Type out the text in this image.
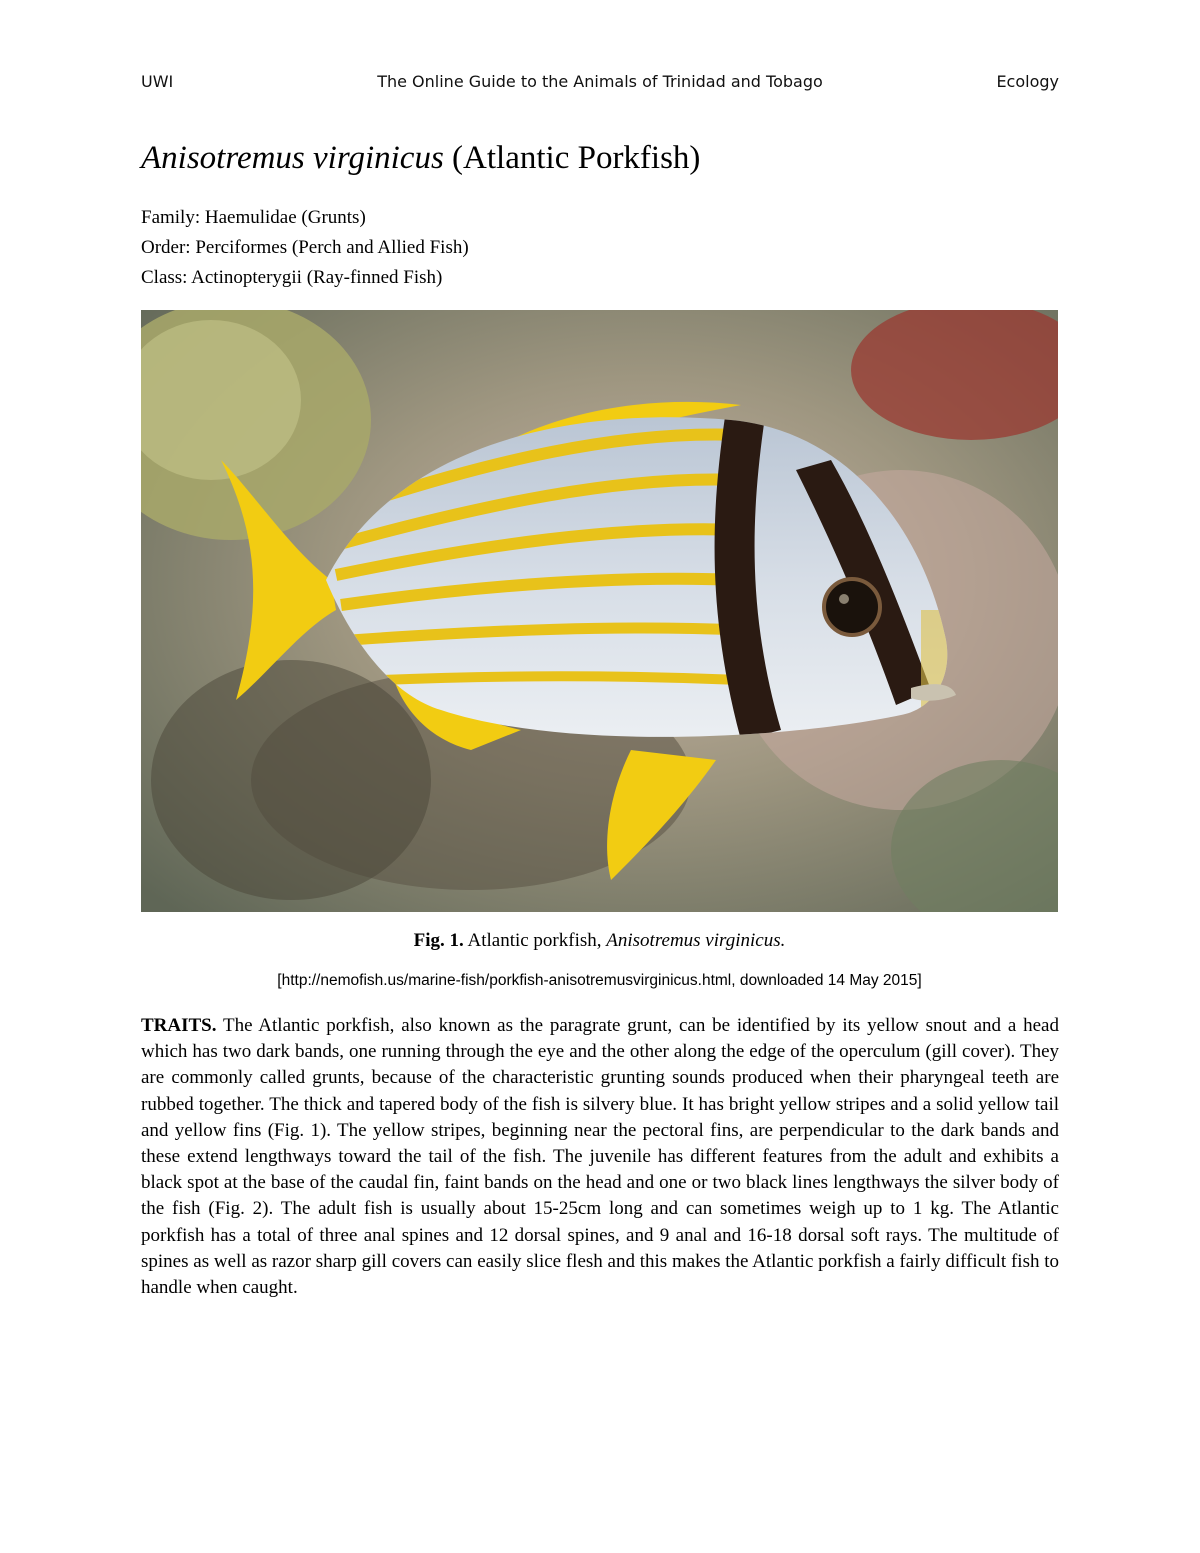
UWI	The Online Guide to the Animals of Trinidad and Tobago	Ecology
Anisotremus virginicus (Atlantic Porkfish)
Family: Haemulidae (Grunts)
Order: Perciformes (Perch and Allied Fish)
Class: Actinopterygii (Ray-finned Fish)
Fig. 1. Atlantic porkfish, Anisotremus virginicus.
[http://nemofish.us/marine-fish/porkfish-anisotremusvirginicus.html, downloaded 14 May 2015]

TRAITS. The Atlantic porkfish, also known as the paragrate grunt, can be identified by its yellow snout and a head which has two dark bands, one running through the eye and the other along the edge of the operculum (gill cover). They are commonly called grunts, because of the characteristic grunting sounds produced when their pharyngeal teeth are rubbed together. The thick and tapered body of the fish is silvery blue. It has bright yellow stripes and a solid yellow tail and yellow fins (Fig. 1). The yellow stripes, beginning near the pectoral fins, are perpendicular to the dark bands and these extend lengthways toward the tail of the fish. The juvenile has different features from the adult and exhibits a black spot at the base of the caudal fin, faint bands on the head and one or two black lines lengthways the silver body of the fish (Fig. 2). The adult fish is usually about 15-25cm long and can sometimes weigh up to 1 kg. The Atlantic porkfish has a total of three anal spines and 12 dorsal spines, and 9 anal and 16-18 dorsal soft rays. The multitude of spines as well as razor sharp gill covers can easily slice flesh and this makes the Atlantic porkfish a fairly difficult fish to handle when caught.
